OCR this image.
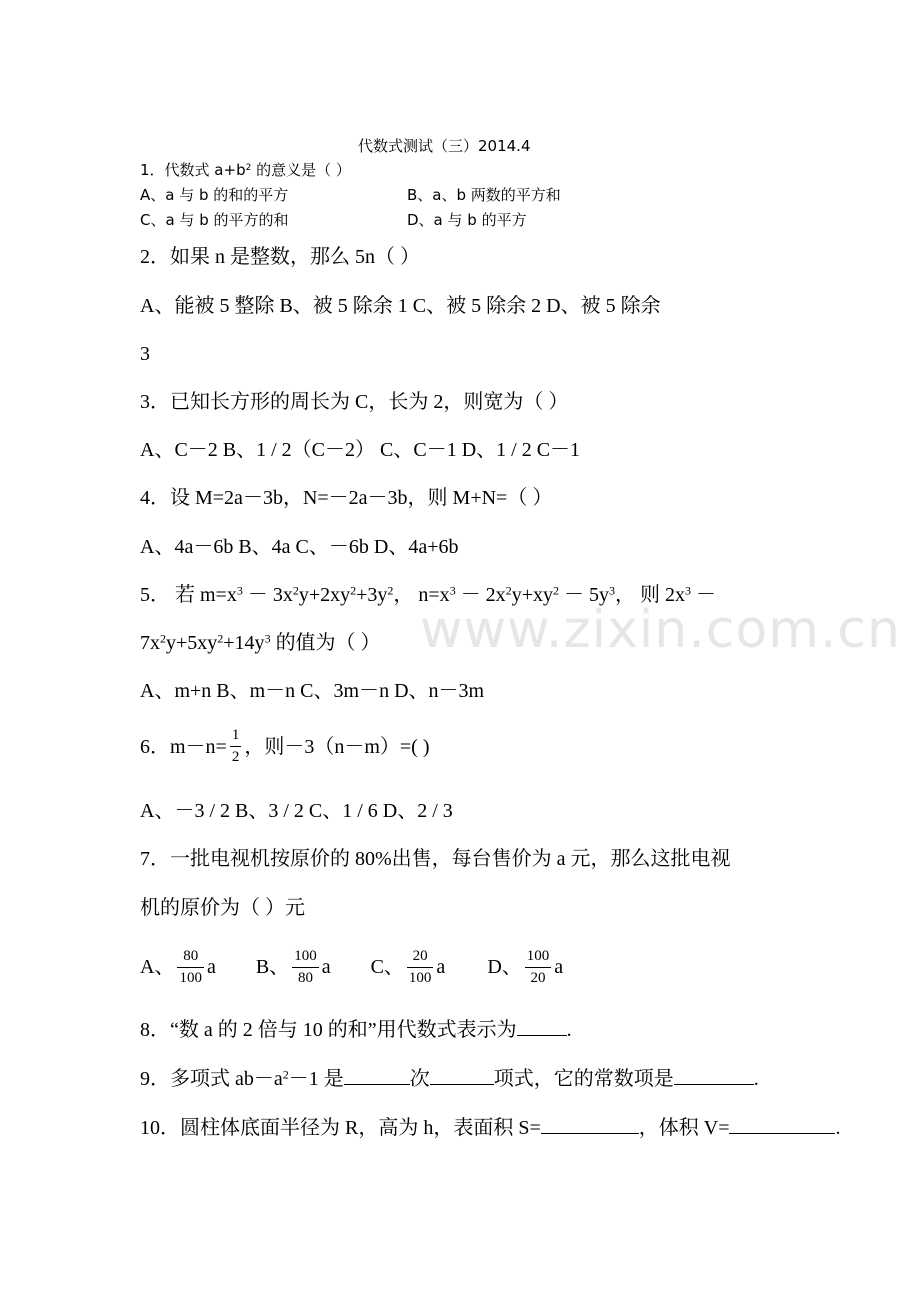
www.zixin.com.cn
代数式测试（三）2014.4
1．代数式 $a+b^2$ 的意义是（ ）
A、a 与 b 的和的平方	B、a、b 两数的平方和
C、a 与 b 的平方的和	D、a 与 b 的平方
2．如果 n 是整数，那么 5n（ ）
A、能被 5 整除 B、被 5 除余 1 C、被 5 除余 2 D、被 5 除余
3
3．已知长方形的周长为 C，长为 2，则宽为（ ）
A、C－2 B、1 / 2（C－2） C、C－1 D、1 / 2 C－1
4．设 M=2a－3b，N=－2a－3b，则 M+N=（ ）
A、4a－6b B、4a C、－6b D、4a+6b
5． 若 $m=x^3 - 3x^2y+2xy^2+3y^2$， $n=x^3 - 2x^2y+xy^2 - 5y^3$， 则 $2x^3$ －
$7x^2y+5xy^2+14y^3$ 的值为（ ）
A、m+n B、m－n C、3m－n D、n－3m
6．$m-n= \frac{1}{2}$ ，则－3（n－m）=( )
A、－3 / 2 B、3 / 2 C、1 / 6 D、2 / 3
7．一批电视机按原价的 80%出售，每台售价为 a 元，那么这批电视
机的原价为（ ）元
A、 $\frac{80}{100}$ a B、 $\frac{100}{80}$ a C、 $\frac{20}{100}$ a D、 $\frac{100}{20}$ a
8．“数 a 的 2 倍与 10 的和”用代数式表示为	.
9．多项式 $ab-a^2-1$ 是	次	项式，它的常数项是	.
10．圆柱体底面半径为 R，高为 h，表面积 S=	，体积 V=	.
